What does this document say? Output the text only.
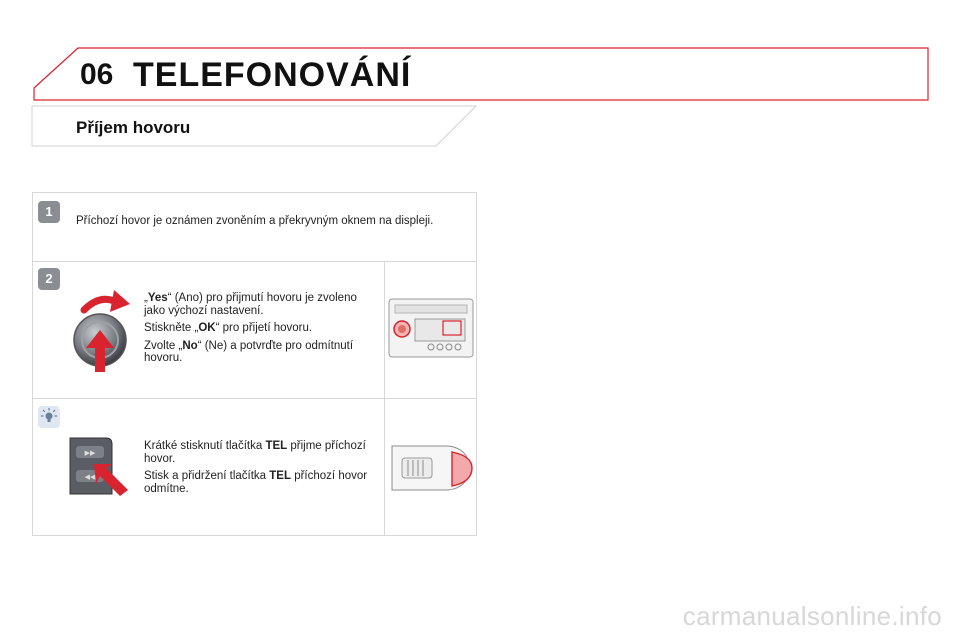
06 TELEFONOVÁNÍ
Příjem hovoru
1
Příchozí hovor je oznámen zvoněním a překryvným oknem na displeji.
2

„Yes“ (Ano) pro přijmutí hovoru je zvoleno jako výchozí nastavení.

Stiskněte „OK“ pro přijetí hovoru.

Zvolte „No“ (Ne) a potvrďte pro odmítnutí hovoru.

▶▶
◀◀

Krátké stisknutí tlačítka TEL přijme příchozí hovor.

Stisk a přidržení tlačítka TEL příchozí hovor odmítne.

carmanualsonline.info
